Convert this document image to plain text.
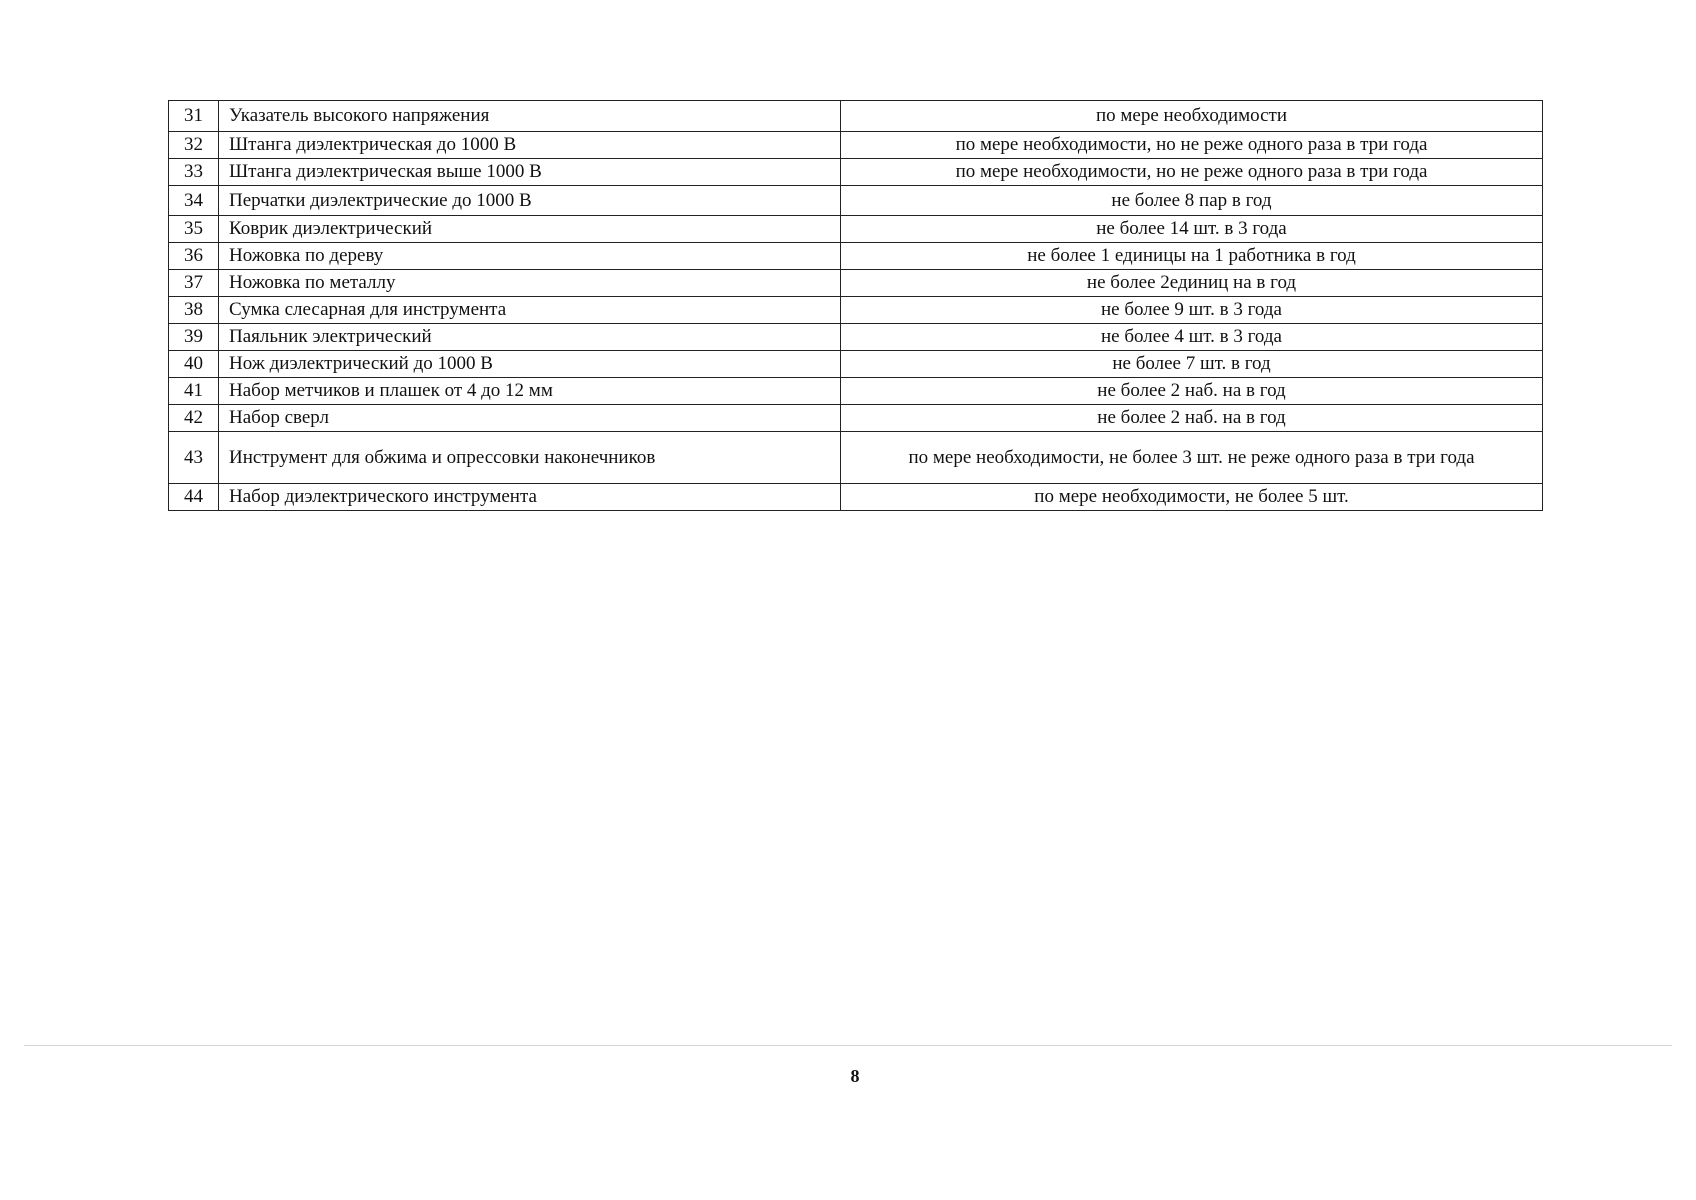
31	Указатель высокого напряжения	по мере необходимости
32	Штанга диэлектрическая до 1000 В	по мере необходимости, но не реже одного раза в три года
33	Штанга диэлектрическая выше 1000 В	по мере необходимости, но не реже одного раза в три года
34	Перчатки диэлектрические до 1000 В	не более 8 пар в год
35	Коврик диэлектрический	не более 14 шт. в 3 года
36	Ножовка по дереву	не более 1 единицы на 1 работника в год
37	Ножовка по металлу	не более 2единиц на в год
38	Сумка слесарная для инструмента	не более 9 шт. в 3 года
39	Паяльник электрический	не более 4 шт. в 3 года
40	Нож диэлектрический до 1000 В	не более 7 шт. в год
41	Набор метчиков и плашек от 4 до 12 мм	не более 2 наб. на в год
42	Набор сверл	не более 2 наб. на в год
43	Инструмент для обжима и опрессовки наконечников	по мере необходимости, не более 3 шт. не реже одного раза в три года
44	Набор диэлектрического инструмента	по мере необходимости, не более 5 шт.
8
